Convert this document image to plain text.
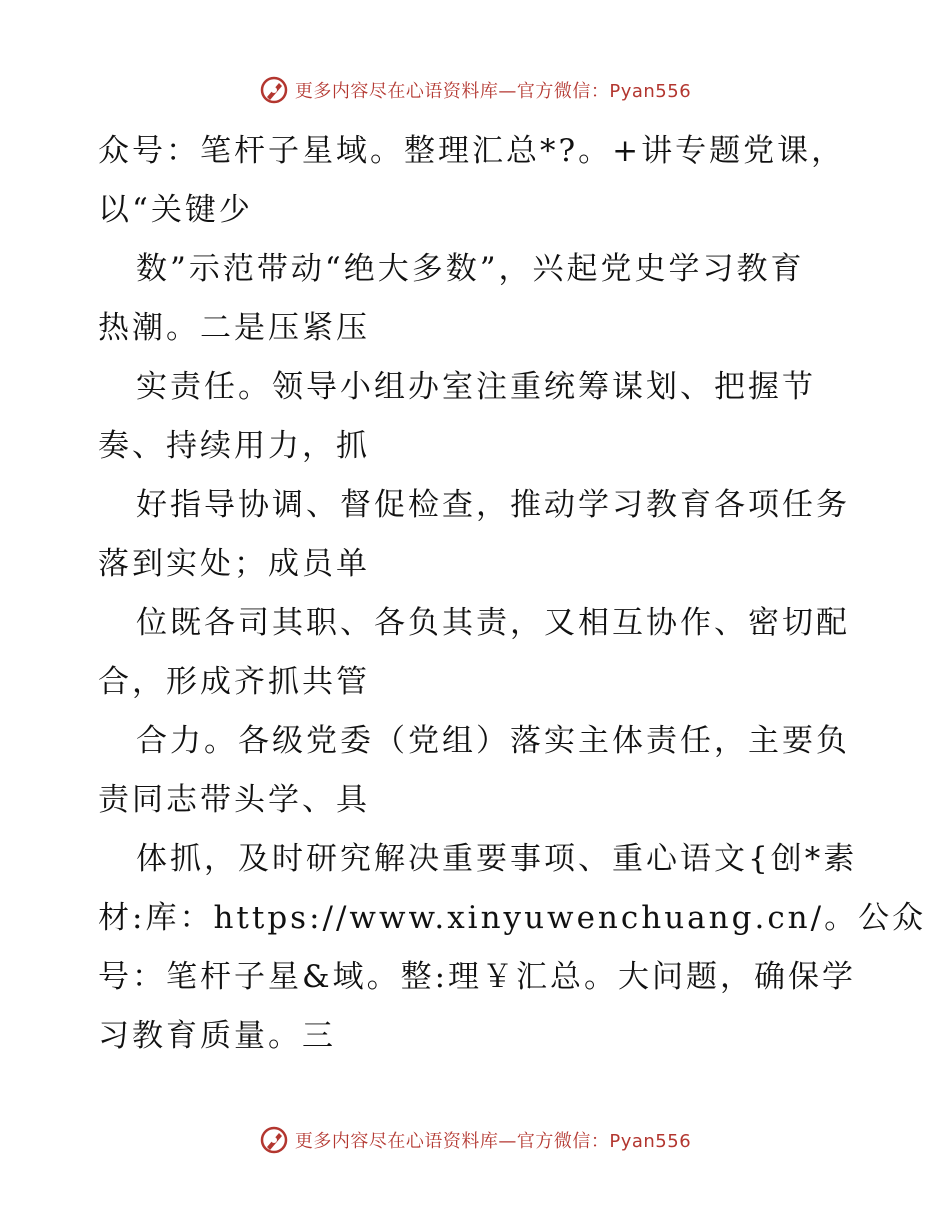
更多内容尽在心语资料库—官方微信：Pyan556
众号：笔杆子星域。整理汇总*?。+讲专题党课，
以“关键少
数”示范带动“绝大多数”，兴起党史学习教育
热潮。二是压紧压
实责任。领导小组办室注重统筹谋划、把握节
奏、持续用力，抓
好指导协调、督促检查，推动学习教育各项任务
落到实处；成员单
位既各司其职、各负其责，又相互协作、密切配
合，形成齐抓共管
合力。各级党委（党组）落实主体责任，主要负
责同志带头学、具
体抓，及时研究解决重要事项、重心语文{创*素
材:库：https://www.xinyuwenchuang.cn/。公众
号：笔杆子星&域。整:理￥汇总。大问题，确保学
习教育质量。三
更多内容尽在心语资料库—官方微信：Pyan556
